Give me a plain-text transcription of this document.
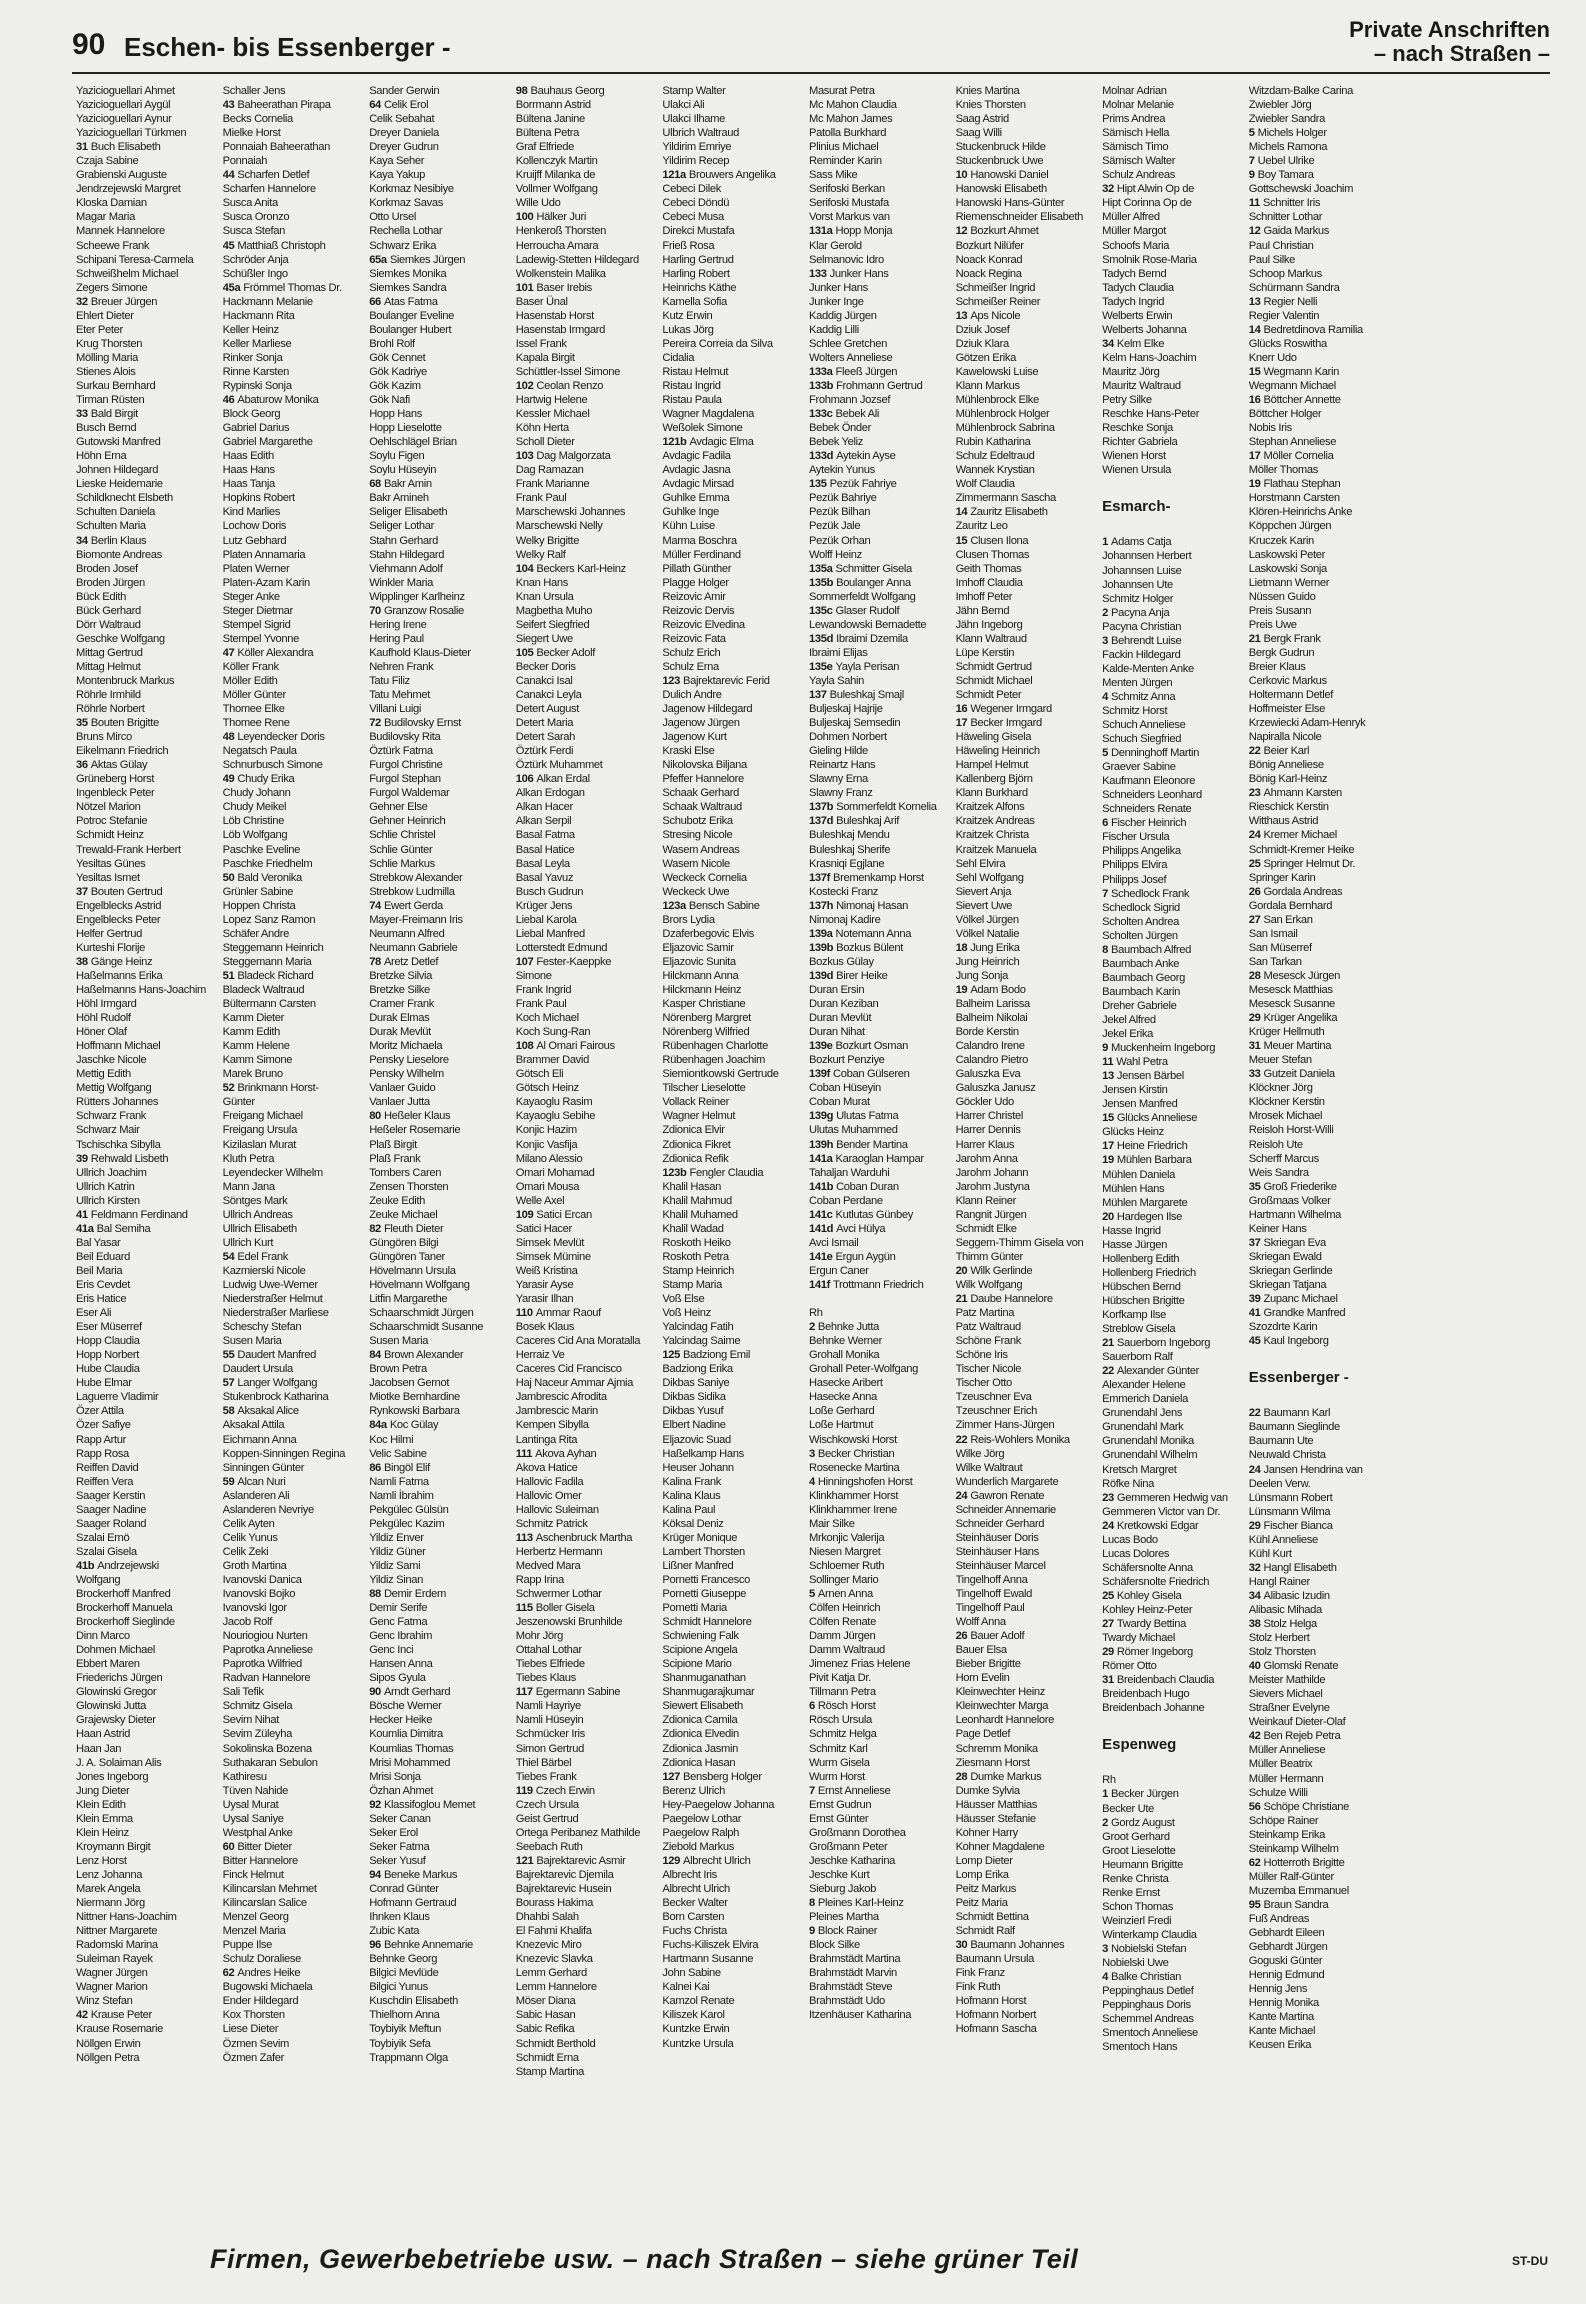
90 Eschen- bis Essenberger -
Private Anschriften
– nach Straßen –
Yazicioguellari Ahmet
Yazicioguellari Aygül
Yazicioguellari Aynur
Yazicioguellari Türkmen
31 Buch Elisabeth
Czaja Sabine
Grabienski Auguste
Jendrzejewski Margret
Kloska Damian
Magar Maria
Mannek Hannelore
Scheewe Frank
Schipani Teresa-Carmela
Schweißhelm Michael
Zegers Simone
32 Breuer Jürgen
Ehlert Dieter
Eter Peter
Krug Thorsten
Mölling Maria
Stienes Alois
Surkau Bernhard
Tirman Rüsten
33 Bald Birgit
Busch Bernd
Gutowski Manfred
Höhn Erna
Johnen Hildegard
Lieske Heidemarie
Schildknecht Elsbeth
Schulten Daniela
Schulten Maria
34 Berlin Klaus
Biomonte Andreas
Broden Josef
Broden Jürgen
Bück Edith
Bück Gerhard
Dörr Waltraud
Geschke Wolfgang
Mittag Gertrud
Mittag Helmut
Montenbruck Markus
Röhrle Irmhild
Röhrle Norbert
35 Bouten Brigitte
Bruns Mirco
Eikelmann Friedrich
36 Aktas Gülay
Grüneberg Horst
Ingenbleck Peter
Nötzel Marion
Potroc Stefanie
Schmidt Heinz
Trewald-Frank Herbert
Yesiltas Günes
Yesiltas Ismet
37 Bouten Gertrud
Engelblecks Astrid
Engelblecks Peter
Helfer Gertrud
Kurteshi Florije
38 Gänge Heinz
Haßelmanns Erika
Haßelmanns Hans-Joachim
Höhl Irmgard
Höhl Rudolf
Höner Olaf
Hoffmann Michael
Jaschke Nicole
Mettig Edith
Mettig Wolfgang
Rütters Johannes
Schwarz Frank
Schwarz Mair
Tschischka Sibylla
39 Rehwald Lisbeth
Ullrich Joachim
Ullrich Katrin
Ullrich Kirsten
41 Feldmann Ferdinand
41a Bal Semiha
Bal Yasar
Beil Eduard
Beil Maria
Eris Cevdet
Eris Hatice
Eser Ali
Eser Müserref
Hopp Claudia
Hopp Norbert
Hube Claudia
Hube Elmar
Laguerre Vladimir
Özer Attila
Özer Safiye
Rapp Artur
Rapp Rosa
Reiffen David
Reiffen Vera
Saager Kerstin
Saager Nadine
Saager Roland
Szalai Ernö
Szalai Gisela
41b Andrzejewski
Wolfgang
Brockerhoff Manfred
Brockerhoff Manuela
Brockerhoff Sieglinde
Dinn Marco
Dohmen Michael
Ebbert Maren
Friederichs Jürgen
Glowinski Gregor
Glowinski Jutta
Grajewsky Dieter
Haan Astrid
Haan Jan
J. A. Solaiman Alis
Jones Ingeborg
Jung Dieter
Klein Edith
Klein Emma
Klein Heinz
Kroymann Birgit
Lenz Horst
Lenz Johanna
Marek Angela
Niermann Jörg
Nittner Hans-Joachim
Nittner Margarete
Radomski Marina
Suleiman Rayek
Wagner Jürgen
Wagner Marion
Winz Stefan
42 Krause Peter
Krause Rosemarie
Nöllgen Erwin
Nöllgen Petra
Schaller Jens
43 Baheerathan Pirapa
Becks Cornelia
Mielke Horst
Ponnaiah Baheerathan
Ponnaiah
44 Scharfen Detlef
Scharfen Hannelore
Susca Anita
Susca Oronzo
Susca Stefan
45 Matthiaß Christoph
Schröder Anja
Schüßler Ingo
45a Frömmel Thomas Dr.
Hackmann Melanie
Hackmann Rita
Keller Heinz
Keller Marliese
Rinker Sonja
Rinne Karsten
Rypinski Sonja
46 Abaturow Monika
Block Georg
Gabriel Darius
Gabriel Margarethe
Haas Edith
Haas Hans
Haas Tanja
Hopkins Robert
Kind Marlies
Lochow Doris
Lutz Gebhard
Platen Annamaria
Platen Werner
Platen-Azam Karin
Steger Anke
Steger Dietmar
Stempel Sigrid
Stempel Yvonne
47 Köller Alexandra
Köller Frank
Möller Edith
Möller Günter
Thomee Elke
Thomee Rene
48 Leyendecker Doris
Negatsch Paula
Schnurbusch Simone
49 Chudy Erika
Chudy Johann
Chudy Meikel
Löb Christine
Löb Wolfgang
Paschke Eveline
Paschke Friedhelm
50 Bald Veronika
Grünler Sabine
Hoppen Christa
Lopez Sanz Ramon
Schäfer Andre
Steggemann Heinrich
Steggemann Maria
51 Bladeck Richard
Bladeck Waltraud
Bültermann Carsten
Kamm Dieter
Kamm Edith
Kamm Helene
Kamm Simone
Marek Bruno
52 Brinkmann Horst-
Günter
Freigang Michael
Freigang Ursula
Kizilaslan Murat
Kluth Petra
Leyendecker Wilhelm
Mann Jana
Söntges Mark
Ullrich Andreas
Ullrich Elisabeth
Ullrich Kurt
54 Edel Frank
Kazmierski Nicole
Ludwig Uwe-Werner
Niederstraßer Helmut
Niederstraßer Marliese
Scheschy Stefan
Susen Maria
55 Daudert Manfred
Daudert Ursula
57 Langer Wolfgang
Stukenbrock Katharina
58 Aksakal Alice
Aksakal Attila
Eichmann Anna
Koppen-Sinningen Regina
Sinningen Günter
59 Alcan Nuri
Aslanderen Ali
Aslanderen Nevriye
Celik Ayten
Celik Yunus
Celik Zeki
Groth Martina
Ivanovski Danica
Ivanovski Bojko
Ivanovski Igor
Jacob Rolf
Nouriogiou Nurten
Paprotka Anneliese
Paprotka Wilfried
Radvan Hannelore
Sali Tefik
Schmitz Gisela
Sevim Nihat
Sevim Züleyha
Sokolinska Bozena
Suthakaran Sebulon
Kathiresu
Tüven Nahide
Uysal Murat
Uysal Saniye
Westphal Anke
60 Bitter Dieter
Bitter Hannelore
Finck Helmut
Kilincarslan Mehmet
Kilincarslan Salice
Menzel Georg
Menzel Maria
Puppe Ilse
Schulz Doraliese
62 Andres Heike
Bugowski Michaela
Ender Hildegard
Kox Thorsten
Liese Dieter
Özmen Sevim
Özmen Zafer
Sander Gerwin
64 Celik Erol
Celik Sebahat
Dreyer Daniela
Dreyer Gudrun
Kaya Seher
Kaya Yakup
Korkmaz Nesibiye
Korkmaz Savas
Otto Ursel
Rechella Lothar
Schwarz Erika
65a Siemkes Jürgen
Siemkes Monika
Siemkes Sandra
66 Atas Fatma
Boulanger Eveline
Boulanger Hubert
Brohl Rolf
Gök Cennet
Gök Kadriye
Gök Kazim
Gök Nafi
Hopp Hans
Hopp Lieselotte
Oehlschlägel Brian
Soylu Figen
Soylu Hüseyin
68 Bakr Amin
Bakr Amineh
Seliger Elisabeth
Seliger Lothar
Stahn Gerhard
Stahn Hildegard
Viehmann Adolf
Winkler Maria
Wipplinger Karlheinz
70 Granzow Rosalie
Hering Irene
Hering Paul
Kaufhold Klaus-Dieter
Nehren Frank
Tatu Filiz
Tatu Mehmet
Villani Luigi
72 Budilovsky Ernst
Budilovsky Rita
Öztürk Fatma
Furgol Christine
Furgol Stephan
Furgol Waldemar
Gehner Else
Gehner Heinrich
Schlie Christel
Schlie Günter
Schlie Markus
Strebkow Alexander
Strebkow Ludmilla
74 Ewert Gerda
Mayer-Freimann Iris
Neumann Alfred
Neumann Gabriele
78 Aretz Detlef
Bretzke Silvia
Bretzke Silke
Cramer Frank
Durak Elmas
Durak Mevlüt
Moritz Michaela
Pensky Lieselore
Pensky Wilhelm
Vanlaer Guido
Vanlaer Jutta
80 Heßeler Klaus
Heßeler Rosemarie
Plaß Birgit
Plaß Frank
Tombers Caren
Zensen Thorsten
Zeuke Edith
Zeuke Michael
82 Fleuth Dieter
Güngören Bilgi
Güngören Taner
Hövelmann Ursula
Hövelmann Wolfgang
Litfin Margarethe
Schaarschmidt Jürgen
Schaarschmidt Susanne
Susen Maria
84 Brown Alexander
Brown Petra
Jacobsen Gernot
Miotke Bernhardine
Rynkowski Barbara
84a Koc Gülay
Koc Hilmi
Velic Sabine
86 Bingöl Elif
Namli Fatma
Namli İbrahim
Pekgülec Gülsün
Pekgülec Kazim
Yildiz Enver
Yildiz Güner
Yildiz Sami
Yildiz Sinan
88 Demir Erdem
Demir Serife
Genc Fatma
Genc Ibrahim
Genc Inci
Hansen Anna
Sipos Gyula
90 Arndt Gerhard
Bösche Werner
Hecker Heike
Koumlia Dimitra
Koumlias Thomas
Mrisi Mohammed
Mrisi Sonja
Özhan Ahmet
92 Klassifoglou Memet
Seker Canan
Seker Erol
Seker Fatma
Seker Yusuf
94 Beneke Markus
Conrad Günter
Hofmann Gertraud
Ihnken Klaus
Zubic Kata
96 Behnke Annemarie
Behnke Georg
Bilgici Mevlüde
Bilgici Yunus
Kuschdin Elisabeth
Thielhorn Anna
Toybiyik Meftun
Toybiyik Sefa
Trappmann Olga
98 Bauhaus Georg
Borrmann Astrid
Bültena Janine
Bültena Petra
Graf Elfriede
Kollenczyk Martin
Kruijff Milanka de
Vollmer Wolfgang
Wille Udo
100 Hälker Juri
Henkeroß Thorsten
Herroucha Amara
Ladewig-Stetten Hildegard
Wolkenstein Malika
101 Baser Irebis
Baser Ünal
Hasenstab Horst
Hasenstab Irmgard
Issel Frank
Kapala Birgit
Schüttler-Issel Simone
102 Ceolan Renzo
Hartwig Helene
Kessler Michael
Köhn Herta
Scholl Dieter
103 Dag Malgorzata
Dag Ramazan
Frank Marianne
Frank Paul
Marschewski Johannes
Marschewski Nelly
Welky Brigitte
Welky Ralf
104 Beckers Karl-Heinz
Knan Hans
Knan Ursula
Magbetha Muho
Seifert Siegfried
Siegert Uwe
105 Becker Adolf
Becker Doris
Canakci Isal
Canakci Leyla
Detert August
Detert Maria
Detert Sarah
Öztürk Ferdi
Öztürk Muhammet
106 Alkan Erdal
Alkan Erdogan
Alkan Hacer
Alkan Serpil
Basal Fatma
Basal Hatice
Basal Leyla
Basal Yavuz
Busch Gudrun
Krüger Jens
Liebal Karola
Liebal Manfred
Lotterstedt Edmund
107 Fester-Kaeppke
Simone
Frank Ingrid
Frank Paul
Koch Michael
Koch Sung-Ran
108 Al Omari Fairous
Brammer David
Götsch Eli
Götsch Heinz
Kayaoglu Rasim
Kayaoglu Sebihe
Konjic Hazim
Konjic Vasfija
Milano Alessio
Omari Mohamad
Omari Mousa
Welle Axel
109 Satici Ercan
Satici Hacer
Simsek Mevlüt
Simsek Mümine
Weiß Kristina
Yarasir Ayse
Yarasir Ilhan
110 Ammar Raouf
Bosek Klaus
Caceres Cid Ana Moratalla
Herraiz Ve
Caceres Cid Francisco
Haj Naceur Ammar Ajmia
Jambrescic Afrodita
Jambrescic Marin
Kempen Sibylla
Lantinga Rita
111 Akova Ayhan
Akova Hatice
Hallovic Fadila
Hallovic Omer
Hallovic Suleiman
Schmitz Patrick
113 Aschenbruck Martha
Herbertz Hermann
Medved Mara
Rapp Irina
Schwermer Lothar
115 Boller Gisela
Jeszenowski Brunhilde
Mohr Jörg
Ottahal Lothar
Tiebes Elfriede
Tiebes Klaus
117 Egermann Sabine
Namli Hayriye
Namli Hüseyin
Schmücker Iris
Simon Gertrud
Thiel Bärbel
Tiebes Frank
119 Czech Erwin
Czech Ursula
Geist Gertrud
Ortega Peribanez Mathilde
Seebach Ruth
121 Bajrektarevic Asmir
Bajrektarevic Djemila
Bajrektarevic Husein
Bourass Hakima
Dhahbi Salah
El Fahmi Khalifa
Knezevic Miro
Knezevic Slavka
Lemm Gerhard
Lemm Hannelore
Möser Diana
Sabic Hasan
Sabic Refika
Schmidt Berthold
Schmidt Erna
Stamp Martina
Stamp Walter
Ulakci Ali
Ulakci Ilhame
Ulbrich Waltraud
Yildirim Emriye
Yildirim Recep
121a Brouwers Angelika
Cebeci Dilek
Cebeci Döndü
Cebeci Musa
Direkci Mustafa
Frieß Rosa
Harling Gertrud
Harling Robert
Heinrichs Käthe
Kamella Sofia
Kutz Erwin
Lukas Jörg
Pereira Correia da Silva
Cidalia
Ristau Helmut
Ristau Ingrid
Ristau Paula
Wagner Magdalena
Weßolek Simone
121b Avdagic Elma
Avdagic Fadila
Avdagic Jasna
Avdagic Mirsad
Guhlke Emma
Guhlke Inge
Kühn Luise
Marma Boschra
Müller Ferdinand
Pillath Günther
Plagge Holger
Reizovic Amir
Reizovic Dervis
Reizovic Elvedina
Reizovic Fata
Schulz Erich
Schulz Erna
123 Bajrektarevic Ferid
Dulich Andre
Jagenow Hildegard
Jagenow Jürgen
Jagenow Kurt
Kraski Else
Nikolovska Biljana
Pfeffer Hannelore
Schaak Gerhard
Schaak Waltraud
Schubotz Erika
Stresing Nicole
Wasem Andreas
Wasem Nicole
Weckeck Cornelia
Weckeck Uwe
123a Bensch Sabine
Brors Lydia
Dzaferbegovic Elvis
Eljazovic Samir
Eljazovic Sunita
Hilckmann Anna
Hilckmann Heinz
Kasper Christiane
Nörenberg Margret
Nörenberg Wilfried
Rübenhagen Charlotte
Rübenhagen Joachim
Siemiontkowski Gertrude
Tilscher Lieselotte
Vollack Reiner
Wagner Helmut
Zdionica Elvir
Zdionica Fikret
Zdionica Refik
123b Fengler Claudia
Khalil Hasan
Khalil Mahmud
Khalil Muhamed
Khalil Wadad
Roskoth Heiko
Roskoth Petra
Stamp Heinrich
Stamp Maria
Voß Else
Voß Heinz
Yalcindag Fatih
Yalcindag Saime
125 Badziong Emil
Badziong Erika
Dikbas Saniye
Dikbas Sidika
Dikbas Yusuf
Elbert Nadine
Eljazovic Suad
Haßelkamp Hans
Heuser Johann
Kalina Frank
Kalina Klaus
Kalina Paul
Köksal Deniz
Krüger Monique
Lambert Thorsten
Lißner Manfred
Pornetti Francesco
Pornetti Giuseppe
Pometti Maria
Schmidt Hannelore
Schwiening Falk
Scipione Angela
Scipione Mario
Shanmuganathan
Shanmugarajkumar
Siewert Elisabeth
Zdionica Camila
Zdionica Elvedin
Zdionica Jasmin
Zdionica Hasan
127 Bensberg Holger
Berenz Ulrich
Hey-Paegelow Johanna
Paegelow Lothar
Paegelow Ralph
Ziebold Markus
129 Albrecht Ulrich
Albrecht Iris
Albrecht Ulrich
Becker Walter
Born Carsten
Fuchs Christa
Fuchs-Kiliszek Elvira
Hartmann Susanne
John Sabine
Kalnei Kai
Kamzol Renate
Kiliszek Karol
Kuntzke Erwin
Kuntzke Ursula
Masurat Petra
Mc Mahon Claudia
Mc Mahon James
Patolla Burkhard
Plinius Michael
Reminder Karin
Sass Mike
Serifoski Berkan
Serifoski Mustafa
Vorst Markus van
131a Hopp Monja
Klar Gerold
Selmanovic Idro
133 Junker Hans
Junker Hans
Junker Inge
Kaddig Jürgen
Kaddig Lilli
Schlee Gretchen
Wolters Anneliese
133a Fleeß Jürgen
133b Frohmann Gertrud
Frohmann Jozsef
133c Bebek Ali
Bebek Önder
Bebek Yeliz
133d Aytekin Ayse
Aytekin Yunus
135 Pezük Fahriye
Pezük Bahriye
Pezük Bilhan
Pezük Jale
Pezük Orhan
Wolff Heinz
135a Schmitter Gisela
135b Boulanger Anna
Sommerfeldt Wolfgang
135c Glaser Rudolf
Lewandowski Bernadette
135d Ibraimi Dzemila
Ibraimi Elijas
135e Yayla Perisan
Yayla Sahin
137 Buleshkaj Smajl
Buljeskaj Hajrije
Buljeskaj Semsedin
Dohmen Norbert
Gieling Hilde
Reinartz Hans
Slawny Erna
Slawny Franz
137b Sommerfeldt Kornelia
137d Buleshkaj Arif
Buleshkaj Mendu
Buleshkaj Sherife
Krasniqi Egjlane
137f Bremenkamp Horst
Kostecki Franz
137h Nimonaj Hasan
Nimonaj Kadire
139a Notemann Anna
139b Bozkus Bülent
Bozkus Gülay
139d Birer Heike
Duran Ersin
Duran Keziban
Duran Mevlüt
Duran Nihat
139e Bozkurt Osman
Bozkurt Penziye
139f Coban Gülseren
Coban Hüseyin
Coban Murat
139g Ulutas Fatma
Ulutas Muhammed
139h Bender Martina
141a Karaoglan Hampar
Tahaljan Warduhi
141b Coban Duran
Coban Perdane
141c Kutlutas Günbey
141d Avci Hülya
Avci Ismail
141e Ergun Aygün
Ergun Caner
141f Trottmann Friedrich

Rh
2 Behnke Jutta
Behnke Werner
Grohall Monika
Grohall Peter-Wolfgang
Hasecke Aribert
Hasecke Anna
Loße Gerhard
Loße Hartmut
Wischkowski Horst
3 Becker Christian
Rosenecke Martina
4 Hinningshofen Horst
Klinkhammer Horst
Klinkhammer Irene
Mair Silke
Mrkonjic Valerija
Niesen Margret
Schloemer Ruth
Sollinger Mario
5 Arnen Anna
Cölfen Heinrich
Cölfen Renate
Damm Jürgen
Damm Waltraud
Jimenez Frias Helene
Pivit Katja Dr.
Tillmann Petra
6 Rösch Horst
Rösch Ursula
Schmitz Helga
Schmitz Karl
Wurm Gisela
Wurm Horst
7 Ernst Anneliese
Ernst Gudrun
Ernst Günter
Großmann Dorothea
Großmann Peter
Jeschke Katharina
Jeschke Kurt
Sieburg Jakob
8 Pleines Karl-Heinz
Pleines Martha
9 Block Rainer
Block Silke
Brahmstädt Martina
Brahmstädt Marvin
Brahmstädt Steve
Brahmstädt Udo
Itzenhäuser Katharina
Knies Martina
Knies Thorsten
Saag Astrid
Saag Willi
Stuckenbruck Hilde
Stuckenbruck Uwe
10 Hanowski Daniel
Hanowski Elisabeth
Hanowski Hans-Günter
Riemenschneider Elisabeth
12 Bozkurt Ahmet
Bozkurt Nilüfer
Noack Konrad
Noack Regina
Schmeißer Ingrid
Schmeißer Reiner
13 Aps Nicole
Dziuk Josef
Dziuk Klara
Götzen Erika
Kawelowski Luise
Klann Markus
Mühlenbrock Elke
Mühlenbrock Holger
Mühlenbrock Sabrina
Rubin Katharina
Schulz Edeltraud
Wannek Krystian
Wolf Claudia
Zimmermann Sascha
14 Zauritz Elisabeth
Zauritz Leo
15 Clusen Ilona
Clusen Thomas
Geith Thomas
Imhoff Claudia
Imhoff Peter
Jähn Bernd
Jähn Ingeborg
Klann Waltraud
Lüpe Kerstin
Schmidt Gertrud
Schmidt Michael
Schmidt Peter
16 Wegener Irmgard
17 Becker Irmgard
Häweling Gisela
Häweling Heinrich
Hampel Helmut
Kallenberg Björn
Klann Burkhard
Kraitzek Alfons
Kraitzek Andreas
Kraitzek Christa
Kraitzek Manuela
Sehl Elvira
Sehl Wolfgang
Sievert Anja
Sievert Uwe
Völkel Jürgen
Völkel Natalie
18 Jung Erika
Jung Heinrich
Jung Sonja
19 Adam Bodo
Balheim Larissa
Balheim Nikolai
Borde Kerstin
Calandro Irene
Calandro Pietro
Galuszka Eva
Galuszka Janusz
Göckler Udo
Harrer Christel
Harrer Dennis
Harrer Klaus
Jarohm Anna
Jarohm Johann
Jarohm Justyna
Klann Reiner
Rangnit Jürgen
Schmidt Elke
Seggern-Thimm Gisela von
Thimm Günter
20 Wilk Gerlinde
Wilk Wolfgang
21 Daube Hannelore
Patz Martina
Patz Waltraud
Schöne Frank
Schöne Iris
Tischer Nicole
Tischer Otto
Tzeuschner Eva
Tzeuschner Erich
Zimmer Hans-Jürgen
22 Reis-Wohlers Monika
Wilke Jörg
Wilke Waltraut
Wunderlich Margarete
24 Gawron Renate
Schneider Annemarie
Schneider Gerhard
Steinhäuser Doris
Steinhäuser Hans
Steinhäuser Marcel
Tingelhoff Anna
Tingelhoff Ewald
Tingelhoff Paul
Wolff Anna
26 Bauer Adolf
Bauer Elsa
Bieber Brigitte
Horn Evelin
Kleinwechter Heinz
Kleinwechter Marga
Leonhardt Hannelore
Page Detlef
Schremm Monika
Ziesmann Horst
28 Dumke Markus
Dumke Sylvia
Häusser Matthias
Häusser Stefanie
Kohner Harry
Kohner Magdalene
Lomp Dieter
Lomp Erika
Peitz Markus
Peitz Maria
Schmidt Bettina
Schmidt Ralf
30 Baumann Johannes
Baumann Ursula
Fink Franz
Fink Ruth
Hofmann Horst
Hofmann Norbert
Hofmann Sascha
Molnar Adrian
Molnar Melanie
Prims Andrea
Sämisch Hella
Sämisch Timo
Sämisch Walter
Schulz Andreas
32 Hipt Alwin Op de
Hipt Corinna Op de
Müller Alfred
Müller Margot
Schoofs Maria
Smolnik Rose-Maria
Tadych Bernd
Tadych Claudia
Tadych Ingrid
Welberts Erwin
Welberts Johanna
34 Kelm Elke
Kelm Hans-Joachim
Mauritz Jörg
Mauritz Waltraud
Petry Silke
Reschke Hans-Peter
Reschke Sonja
Richter Gabriela
Wienen Horst
Wienen Ursula

Esmarch-

1 Adams Catja
Johannsen Herbert
Johannsen Luise
Johannsen Ute
Schmitz Holger
2 Pacyna Anja
Pacyna Christian
3 Behrendt Luise
Fackin Hildegard
Kalde-Menten Anke
Menten Jürgen
4 Schmitz Anna
Schmitz Horst
Schuch Anneliese
Schuch Siegfried
5 Denninghoff Martin
Graever Sabine
Kaufmann Eleonore
Schneiders Leonhard
Schneiders Renate
6 Fischer Heinrich
Fischer Ursula
Philipps Angelika
Philipps Elvira
Philipps Josef
7 Schedlock Frank
Schedlock Sigrid
Scholten Andrea
Scholten Jürgen
8 Baumbach Alfred
Baumbach Anke
Baumbach Georg
Baumbach Karin
Dreher Gabriele
Jekel Alfred
Jekel Erika
9 Muckenheim Ingeborg
11 Wahl Petra
13 Jensen Bärbel
Jensen Kirstin
Jensen Manfred
15 Glücks Anneliese
Glücks Heinz
17 Heine Friedrich
19 Mühlen Barbara
Mühlen Daniela
Mühlen Hans
Mühlen Margarete
20 Hardegen Ilse
Hasse Ingrid
Hasse Jürgen
Hollenberg Edith
Hollenberg Friedrich
Hübschen Bernd
Hübschen Brigitte
Korfkamp Ilse
Streblow Gisela
21 Sauerborn Ingeborg
Sauerborn Ralf
22 Alexander Günter
Alexander Helene
Emmerich Daniela
Grunendahl Jens
Grunendahl Mark
Grunendahl Monika
Grunendahl Wilhelm
Kretsch Margret
Röfke Nina
23 Gemmeren Hedwig van
Gemmeren Victor van Dr.
24 Kretkowski Edgar
Lucas Bodo
Lucas Dolores
Schäfersnolte Anna
Schäfersnolte Friedrich
25 Kohley Gisela
Kohley Heinz-Peter
27 Twardy Bettina
Twardy Michael
29 Römer Ingeborg
Römer Otto
31 Breidenbach Claudia
Breidenbach Hugo
Breidenbach Johanne

Espenweg

Rh
1 Becker Jürgen
Becker Ute
2 Gordz August
Groot Gerhard
Groot Lieselotte
Heumann Brigitte
Renke Christa
Renke Ernst
Schon Thomas
Weinzierl Fredi
Winterkamp Claudia
3 Nobielski Stefan
Nobielski Uwe
4 Balke Christian
Peppinghaus Detlef
Peppinghaus Doris
Schemmel Andreas
Smentoch Anneliese
Smentoch Hans
Witzdam-Balke Carina
Zwiebler Jörg
Zwiebler Sandra
5 Michels Holger
Michels Ramona
7 Uebel Ulrike
9 Boy Tamara
Gottschewski Joachim
11 Schnitter Iris
Schnitter Lothar
12 Gaida Markus
Paul Christian
Paul Silke
Schoop Markus
Schürmann Sandra
13 Regier Nelli
Regier Valentin
14 Bedretdinova Ramilia
Glücks Roswitha
Knerr Udo
15 Wegmann Karin
Wegmann Michael
16 Böttcher Annette
Böttcher Holger
Nobis Iris
Stephan Anneliese
17 Möller Cornelia
Möller Thomas
19 Flathau Stephan
Horstmann Carsten
Klören-Heinrichs Anke
Köppchen Jürgen
Kruczek Karin
Laskowski Peter
Laskowski Sonja
Lietmann Werner
Nüssen Guido
Preis Susann
Preis Uwe
21 Bergk Frank
Bergk Gudrun
Breier Klaus
Cerkovic Markus
Holtermann Detlef
Hoffmeister Else
Krzewiecki Adam-Henryk
Napiralla Nicole
22 Beier Karl
Bönig Anneliese
Bönig Karl-Heinz
23 Ahmann Karsten
Rieschick Kerstin
Witthaus Astrid
24 Kremer Michael
Schmidt-Kremer Heike
25 Springer Helmut Dr.
Springer Karin
26 Gordala Andreas
Gordala Bernhard
27 San Erkan
San Ismail
San Müserref
San Tarkan
28 Mesesck Jürgen
Mesesck Matthias
Mesesck Susanne
29 Krüger Angelika
Krüger Hellmuth
31 Meuer Martina
Meuer Stefan
33 Gutzeit Daniela
Klöckner Jörg
Klöckner Kerstin
Mrosek Michael
Reisloh Horst-Willi
Reisloh Ute
Scherff Marcus
Weis Sandra
35 Groß Friederike
Großmaas Volker
Hartmann Wilhelma
Keiner Hans
37 Skriegan Eva
Skriegan Ewald
Skriegan Gerlinde
Skriegan Tatjana
39 Zupanc Michael
41 Grandke Manfred
Szozdrte Karin
45 Kaul Ingeborg

Essenberger -

22 Baumann Karl
Baumann Sieglinde
Baumann Ute
Neuwald Christa
24 Jansen Hendrina van
Deelen Verw.
Lünsmann Robert
Lünsmann Wilma
29 Fischer Bianca
Kühl Anneliese
Kühl Kurt
32 Hangl Elisabeth
Hangl Rainer
34 Alibasic Izudin
Alibasic Mihada
38 Stolz Helga
Stolz Herbert
Stolz Thorsten
40 Glomski Renate
Meister Mathilde
Sievers Michael
Straßner Evelyne
Weinkauf Dieter-Olaf
42 Ben Rejeb Petra
Müller Anneliese
Müller Beatrix
Müller Hermann
Schulze Willi
56 Schöpe Christiane
Schöpe Rainer
Steinkamp Erika
Steinkamp Wilhelm
62 Hotterroth Brigitte
Müller Ralf-Günter
Muzemba Emmanuel
95 Braun Sandra
Fuß Andreas
Gebhardt Eileen
Gebhardt Jürgen
Goguski Günter
Hennig Edmund
Hennig Jens
Hennig Monika
Kante Martina
Kante Michael
Keusen Erika
Firmen, Gewerbebetriebe usw. – nach Straßen – siehe grüner Teil	ST-DU
